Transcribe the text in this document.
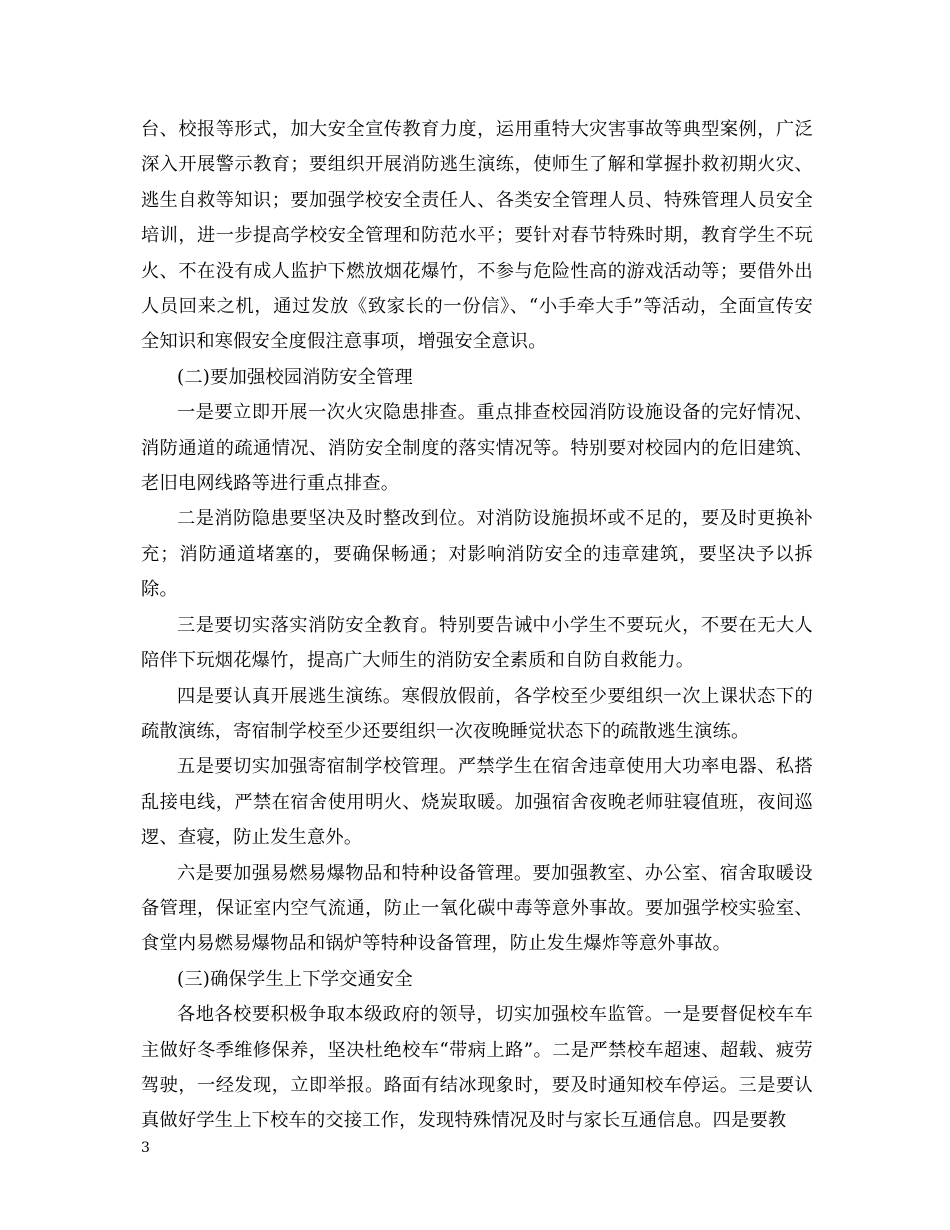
台、校报等形式，加大安全宣传教育力度，运用重特大灾害事故等典型案例，广泛深入开展警示教育；要组织开展消防逃生演练，使师生了解和掌握扑救初期火灾、逃生自救等知识；要加强学校安全责任人、各类安全管理人员、特殊管理人员安全培训，进一步提高学校安全管理和防范水平；要针对春节特殊时期，教育学生不玩火、不在没有成人监护下燃放烟花爆竹，不参与危险性高的游戏活动等；要借外出人员回来之机，通过发放《致家长的一份信》、“小手牵大手”等活动，全面宣传安全知识和寒假安全度假注意事项，增强安全意识。

(二)要加强校园消防安全管理

一是要立即开展一次火灾隐患排查。重点排查校园消防设施设备的完好情况、消防通道的疏通情况、消防安全制度的落实情况等。特别要对校园内的危旧建筑、老旧电网线路等进行重点排查。

二是消防隐患要坚决及时整改到位。对消防设施损坏或不足的，要及时更换补充；消防通道堵塞的，要确保畅通；对影响消防安全的违章建筑，要坚决予以拆除。

三是要切实落实消防安全教育。特别要告诫中小学生不要玩火，不要在无大人陪伴下玩烟花爆竹，提高广大师生的消防安全素质和自防自救能力。

四是要认真开展逃生演练。寒假放假前，各学校至少要组织一次上课状态下的疏散演练，寄宿制学校至少还要组织一次夜晚睡觉状态下的疏散逃生演练。

五是要切实加强寄宿制学校管理。严禁学生在宿舍违章使用大功率电器、私搭乱接电线，严禁在宿舍使用明火、烧炭取暖。加强宿舍夜晚老师驻寝值班，夜间巡逻、查寝，防止发生意外。

六是要加强易燃易爆物品和特种设备管理。要加强教室、办公室、宿舍取暖设备管理，保证室内空气流通，防止一氧化碳中毒等意外事故。要加强学校实验室、食堂内易燃易爆物品和锅炉等特种设备管理，防止发生爆炸等意外事故。

(三)确保学生上下学交通安全

各地各校要积极争取本级政府的领导，切实加强校车监管。一是要督促校车车主做好冬季维修保养，坚决杜绝校车“带病上路”。二是严禁校车超速、超载、疲劳驾驶，一经发现，立即举报。路面有结冰现象时，要及时通知校车停运。三是要认真做好学生上下校车的交接工作，发现特殊情况及时与家长互通信息。四是要教

3
